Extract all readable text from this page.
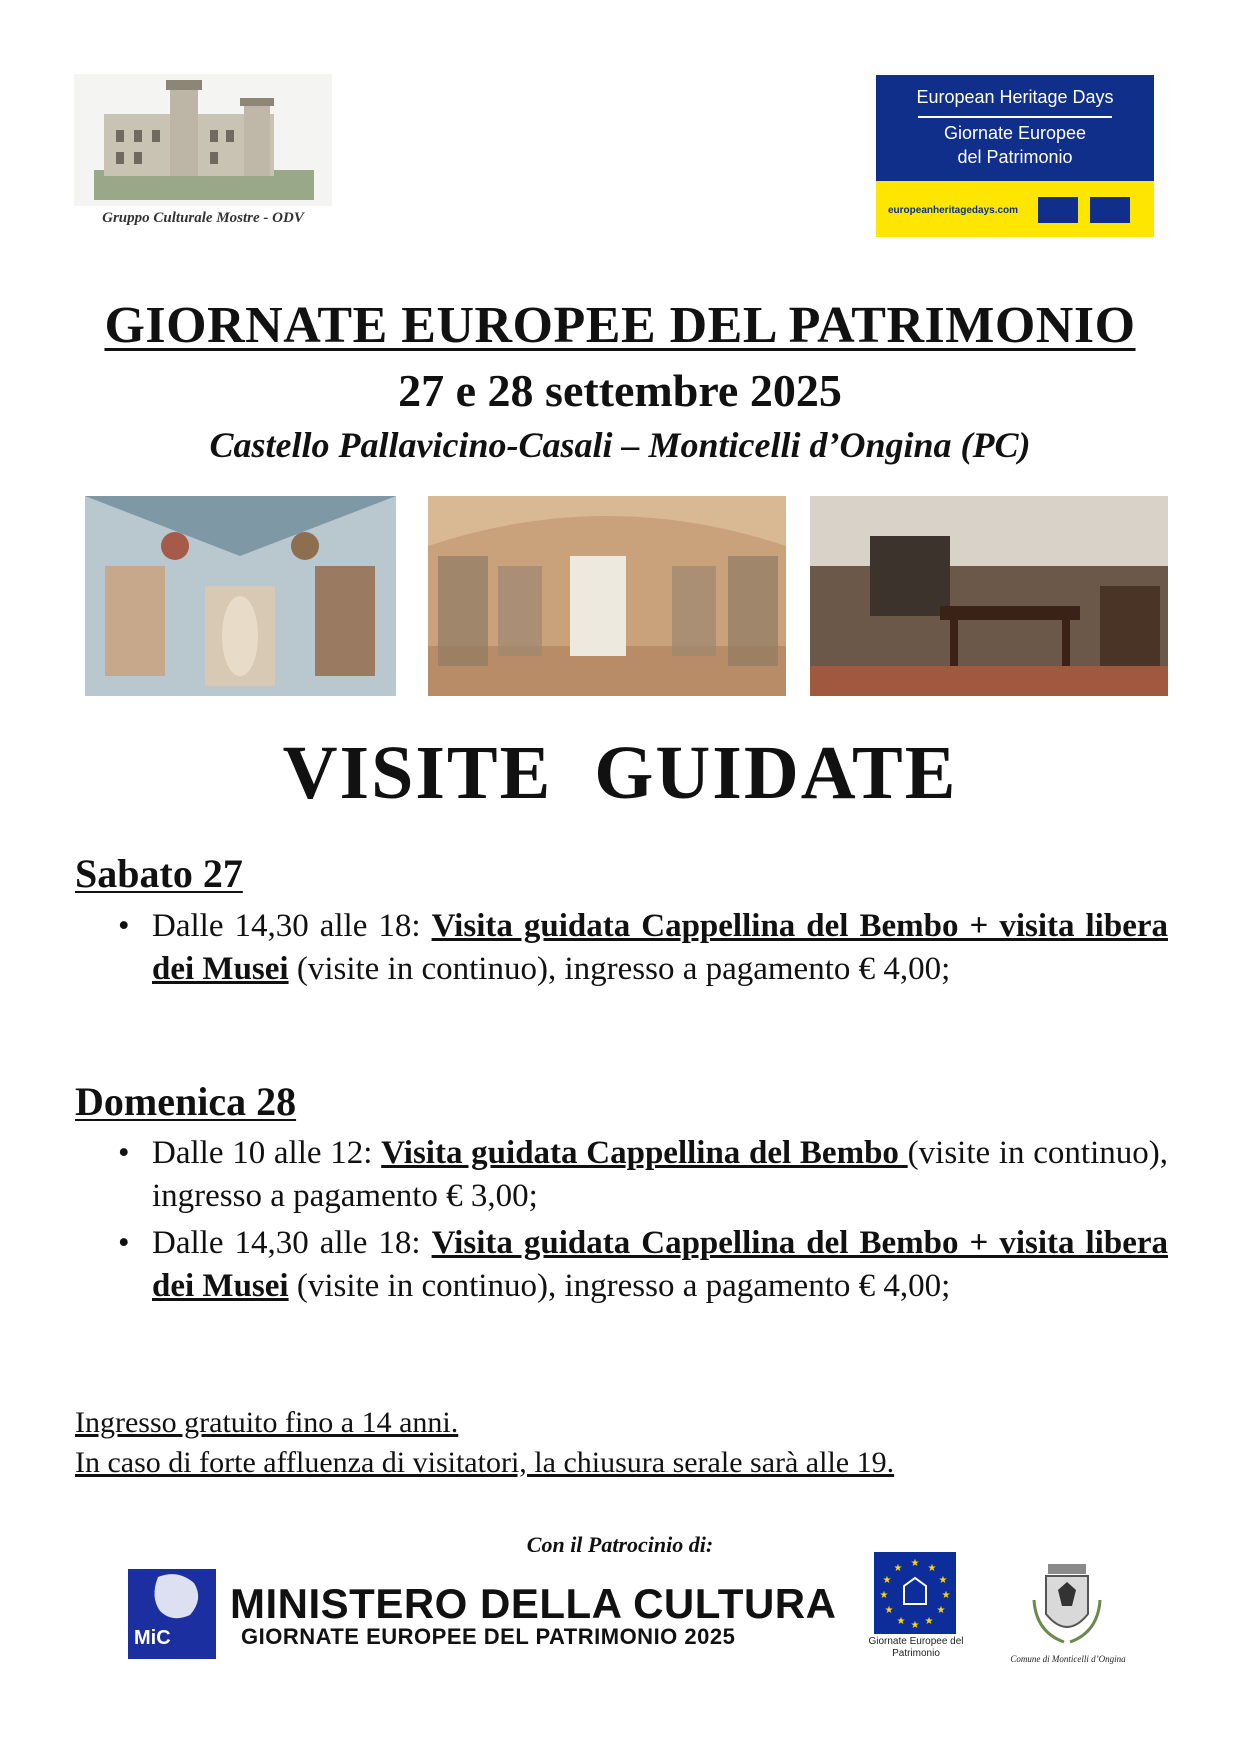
Gruppo Culturale Mostre - ODV
European Heritage Days
Giornate Europee
del Patrimonio
europeanheritagedays.com
GIORNATE EUROPEE DEL PATRIMONIO
27 e 28 settembre 2025
Castello Pallavicino-Casali – Monticelli d’Ongina (PC)
VISITE  GUIDATE
Sabato 27
• Dalle 14,30 alle 18: Visita guidata Cappellina del Bembo + visita libera dei Musei (visite in continuo), ingresso a pagamento € 4,00;
Domenica 28
• Dalle 10 alle 12: Visita guidata Cappellina del Bembo (visite in continuo), ingresso a pagamento € 3,00;
• Dalle 14,30 alle 18: Visita guidata Cappellina del Bembo + visita libera dei Musei (visite in continuo), ingresso a pagamento € 4,00;
Ingresso gratuito fino a 14 anni.
In caso di forte affluenza di visitatori, la chiusura serale sarà alle 19.
Con il Patrocinio di:
MiC
MINISTERO DELLA CULTURA
GIORNATE EUROPEE DEL PATRIMONIO 2025
★ ★
★
★
★
★
★
★
★
★
★
★
Giornate Europee del Patrimonio	Comune di Monticelli d’Ongina
